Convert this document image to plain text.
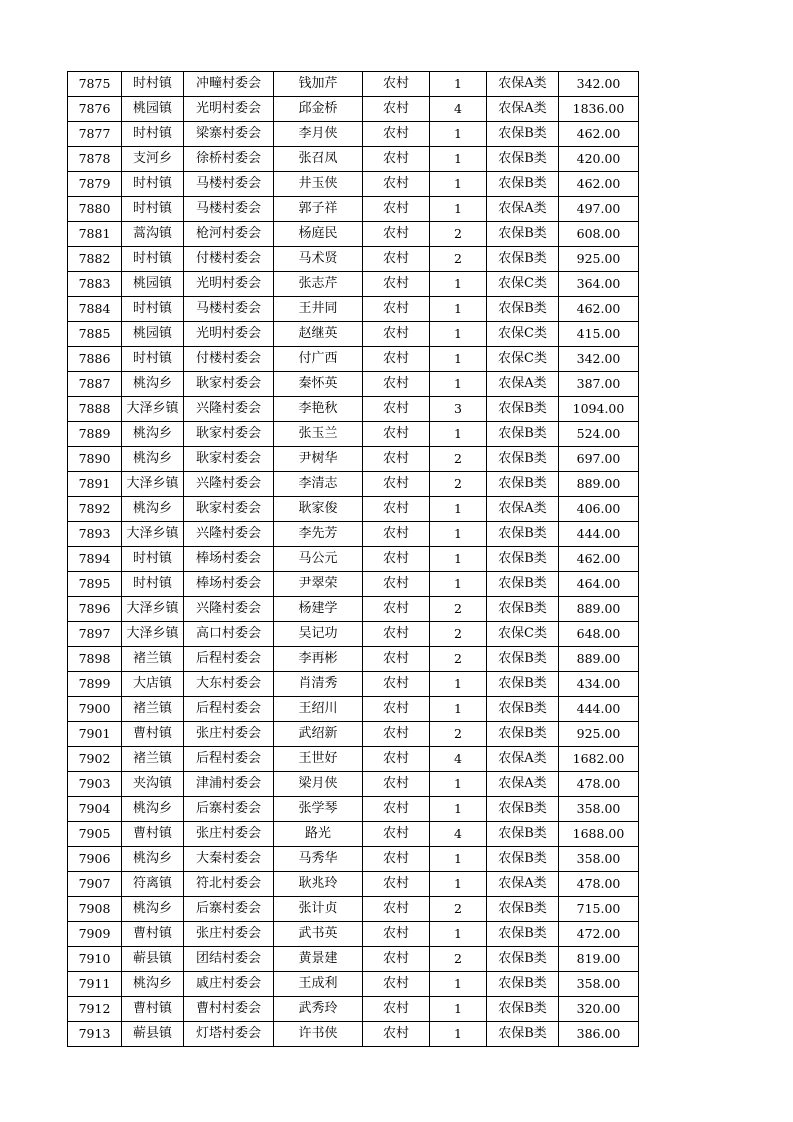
7875	时村镇	冲疃村委会	钱加芹	农村	1	农保A类	342.00
7876	桃园镇	光明村委会	邱金桥	农村	4	农保A类	1836.00
7877	时村镇	梁寨村委会	李月侠	农村	1	农保B类	462.00
7878	支河乡	徐桥村委会	张召凤	农村	1	农保B类	420.00
7879	时村镇	马楼村委会	井玉侠	农村	1	农保B类	462.00
7880	时村镇	马楼村委会	郭子祥	农村	1	农保A类	497.00
7881	蒿沟镇	枪河村委会	杨庭民	农村	2	农保B类	608.00
7882	时村镇	付楼村委会	马术贤	农村	2	农保B类	925.00
7883	桃园镇	光明村委会	张志芹	农村	1	农保C类	364.00
7884	时村镇	马楼村委会	王井同	农村	1	农保B类	462.00
7885	桃园镇	光明村委会	赵继英	农村	1	农保C类	415.00
7886	时村镇	付楼村委会	付广西	农村	1	农保C类	342.00
7887	桃沟乡	耿家村委会	秦怀英	农村	1	农保A类	387.00
7888	大泽乡镇	兴隆村委会	李艳秋	农村	3	农保B类	1094.00
7889	桃沟乡	耿家村委会	张玉兰	农村	1	农保B类	524.00
7890	桃沟乡	耿家村委会	尹树华	农村	2	农保B类	697.00
7891	大泽乡镇	兴隆村委会	李清志	农村	2	农保B类	889.00
7892	桃沟乡	耿家村委会	耿家俊	农村	1	农保A类	406.00
7893	大泽乡镇	兴隆村委会	李先芳	农村	1	农保B类	444.00
7894	时村镇	棒场村委会	马公元	农村	1	农保B类	462.00
7895	时村镇	棒场村委会	尹翠荣	农村	1	农保B类	464.00
7896	大泽乡镇	兴隆村委会	杨建学	农村	2	农保B类	889.00
7897	大泽乡镇	高口村委会	吴记功	农村	2	农保C类	648.00
7898	褚兰镇	后程村委会	李再彬	农村	2	农保B类	889.00
7899	大店镇	大东村委会	肖清秀	农村	1	农保B类	434.00
7900	褚兰镇	后程村委会	王绍川	农村	1	农保B类	444.00
7901	曹村镇	张庄村委会	武绍新	农村	2	农保B类	925.00
7902	褚兰镇	后程村委会	王世好	农村	4	农保A类	1682.00
7903	夹沟镇	津浦村委会	梁月侠	农村	1	农保A类	478.00
7904	桃沟乡	后寨村委会	张学琴	农村	1	农保B类	358.00
7905	曹村镇	张庄村委会	路光	农村	4	农保B类	1688.00
7906	桃沟乡	大秦村委会	马秀华	农村	1	农保B类	358.00
7907	符离镇	符北村委会	耿兆玲	农村	1	农保A类	478.00
7908	桃沟乡	后寨村委会	张计贞	农村	2	农保B类	715.00
7909	曹村镇	张庄村委会	武书英	农村	1	农保B类	472.00
7910	蕲县镇	团结村委会	黄景建	农村	2	农保B类	819.00
7911	桃沟乡	戚庄村委会	王成利	农村	1	农保B类	358.00
7912	曹村镇	曹村村委会	武秀玲	农村	1	农保B类	320.00
7913	蕲县镇	灯塔村委会	许书侠	农村	1	农保B类	386.00
